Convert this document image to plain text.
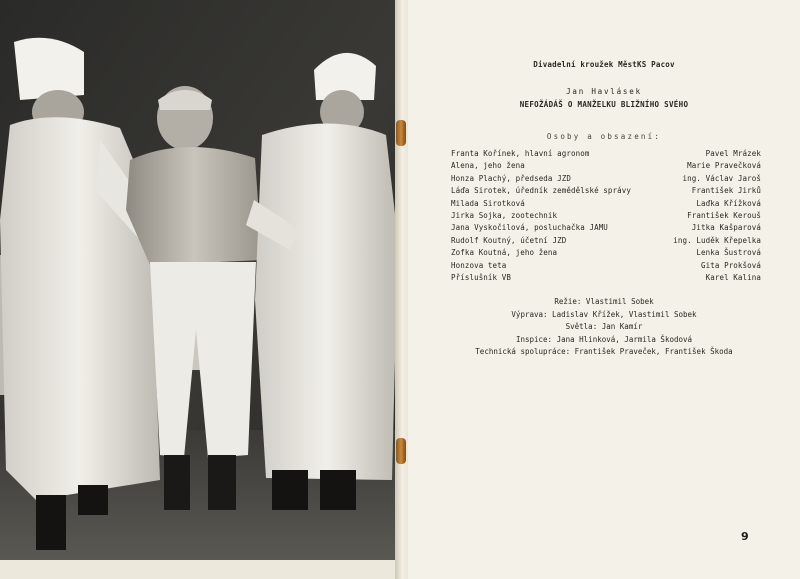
Divadelní kroužek MěstKS Pacov
Jan Havlásek
NEFOŽÁDÁŠ O MANŽELKU BLIŽNÍHO SVÉHO
Osoby a obsazení:
Franta Kořínek, hlavní agronom	Pavel Mrázek
Alena, jeho žena	Marie Pravečková
Honza Plachý, předseda JZD	ing. Václav Jaroš
Láďa Sirotek, úředník zemědělské správy	František Jirků
Milada Sirotková	Laďka Křížková
Jirka Sojka, zootechnik	František Kerouš
Jana Vyskočilová, posluchačka JAMU	Jitka Kašparová
Rudolf Koutný, účetní JZD	ing. Luděk Křepelka
Zofka Koutná, jeho žena	Lenka Šustrová
Honzova teta	Gita Prokšová
Příslušník VB	Karel Kalina
Režie: Vlastimil Sobek
Výprava: Ladislav Křížek, Vlastimil Sobek
Světla: Jan Kamír
Inspice: Jana Hlinková, Jarmila Škodová
Technická spolupráce: František Praveček, František Škoda
9
